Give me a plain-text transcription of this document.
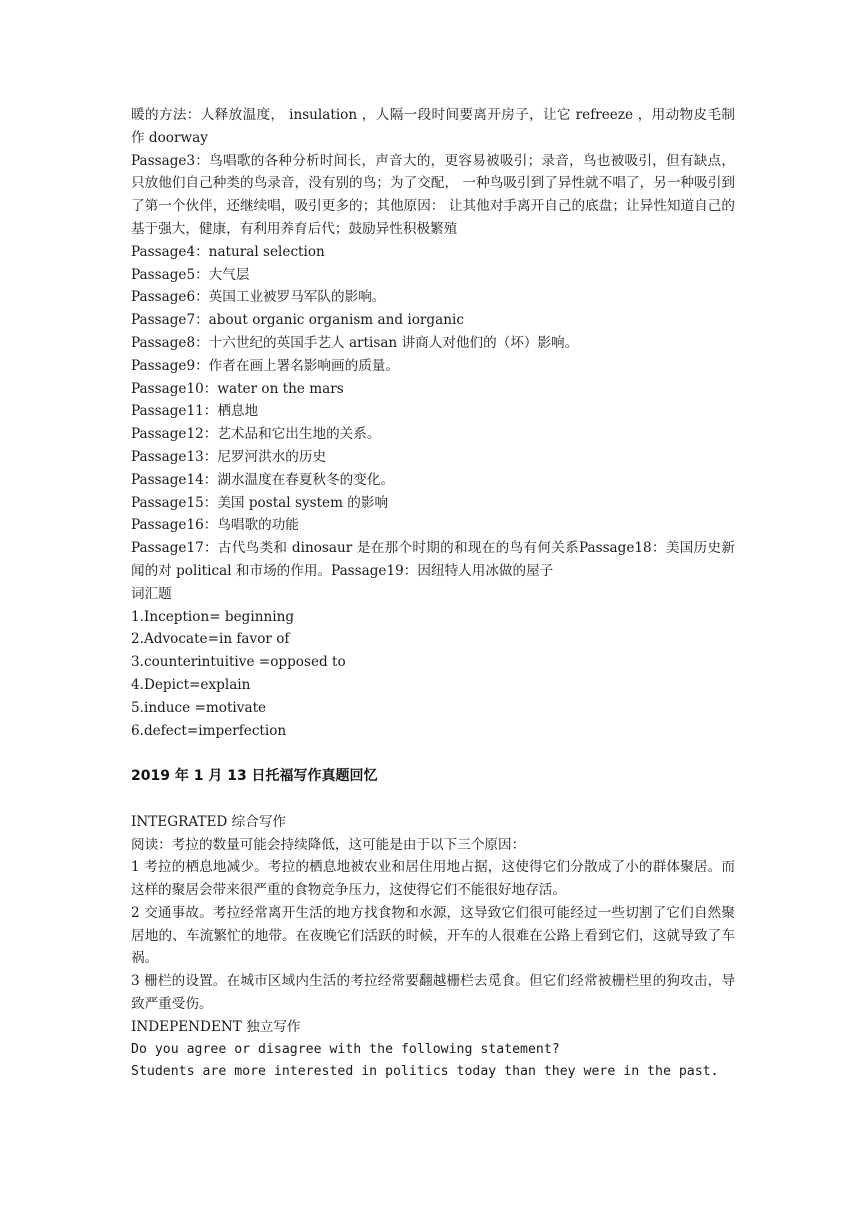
暖的方法：人释放温度， insulation ，人隔一段时间要离开房子，让它 refreeze ，用动物皮毛制作 doorway

Passage3：鸟唱歌的各种分析时间长，声音大的，更容易被吸引；录音，鸟也被吸引，但有缺点，只放他们自己种类的鸟录音，没有别的鸟；为了交配， 一种鸟吸引到了异性就不唱了，另一种吸引到了第一个伙伴，还继续唱，吸引更多的；其他原因： 让其他对手离开自己的底盘；让异性知道自己的基于强大，健康，有利用养育后代；鼓励异性积极繁殖

Passage4：natural selection

Passage5：大气层

Passage6：英国工业被罗马军队的影响。

Passage7：about organic organism and iorganic

Passage8：十六世纪的英国手艺人 artisan 讲商人对他们的（坏）影响。

Passage9：作者在画上署名影响画的质量。

Passage10：water on the mars

Passage11：栖息地

Passage12：艺术品和它出生地的关系。

Passage13：尼罗河洪水的历史

Passage14：湖水温度在春夏秋冬的变化。

Passage15：美国 postal system 的影响

Passage16：鸟唱歌的功能

Passage17：古代鸟类和 dinosaur 是在那个时期的和现在的鸟有何关系Passage18：美国历史新闻的对 political 和市场的作用。Passage19：因纽特人用冰做的屋子

词汇题

1.Inception= beginning

2.Advocate=in favor of

3.counterintuitive =opposed to

4.Depict=explain

5.induce =motivate

6.defect=imperfection

2019 年 1 月 13 日托福写作真题回忆

INTEGRATED 综合写作

阅读：考拉的数量可能会持续降低，这可能是由于以下三个原因：

1 考拉的栖息地减少。考拉的栖息地被农业和居住用地占据，这使得它们分散成了小的群体聚居。而这样的聚居会带来很严重的食物竞争压力，这使得它们不能很好地存活。

2 交通事故。考拉经常离开生活的地方找食物和水源，这导致它们很可能经过一些切割了它们自然聚居地的、车流繁忙的地带。在夜晚它们活跃的时候，开车的人很难在公路上看到它们，这就导致了车祸。

3 栅栏的设置。在城市区域内生活的考拉经常要翻越栅栏去觅食。但它们经常被栅栏里的狗攻击，导致严重受伤。

INDEPENDENT 独立写作

Do you agree or disagree with the following statement?

Students are more interested in politics today than they were in the past.
